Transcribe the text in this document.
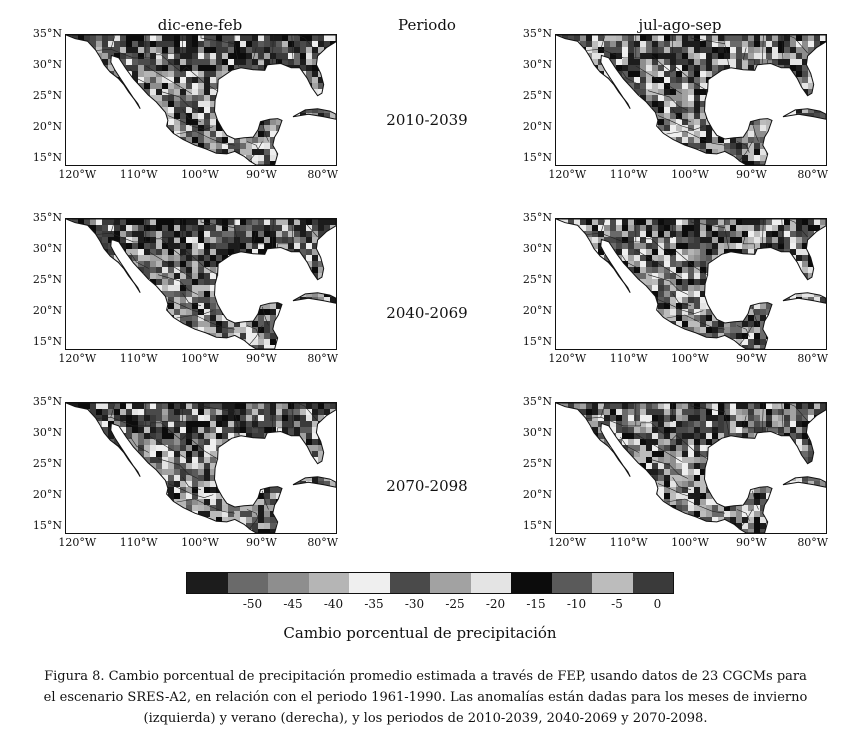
dic-ene-feb	Periodo	jul-ago-sep
2010-2039
2040-2069
2070-2098
35°N
30°N
25°N
20°N
15°N
120°W 110°W 100°W	90°W	80°W
35°N
30°N
25°N
20°N
15°N
120°W 110°W 100°W	90°W	80°W
35°N
30°N
25°N
20°N
15°N
120°W 110°W 100°W	90°W	80°W
35°N
30°N
25°N
20°N
15°N
120°W 110°W 100°W	90°W	80°W
35°N
30°N
25°N
20°N
15°N
120°W 110°W 100°W	90°W	80°W
35°N
30°N
25°N
20°N
15°N
120°W 110°W 100°W	90°W	80°W
-50	-45	-40	-35	-30	-25	-20	-15	-10	-5	0
Cambio porcentual de precipitación
Figura 8. Cambio porcentual de precipitación promedio estimada a través de FEP, usando datos de 23 CGCMs para
el escenario SRES-A2, en relación con el periodo 1961-1990. Las anomalías están dadas para los meses de invierno
(izquierda) y verano (derecha), y los periodos de 2010-2039, 2040-2069 y 2070-2098.
